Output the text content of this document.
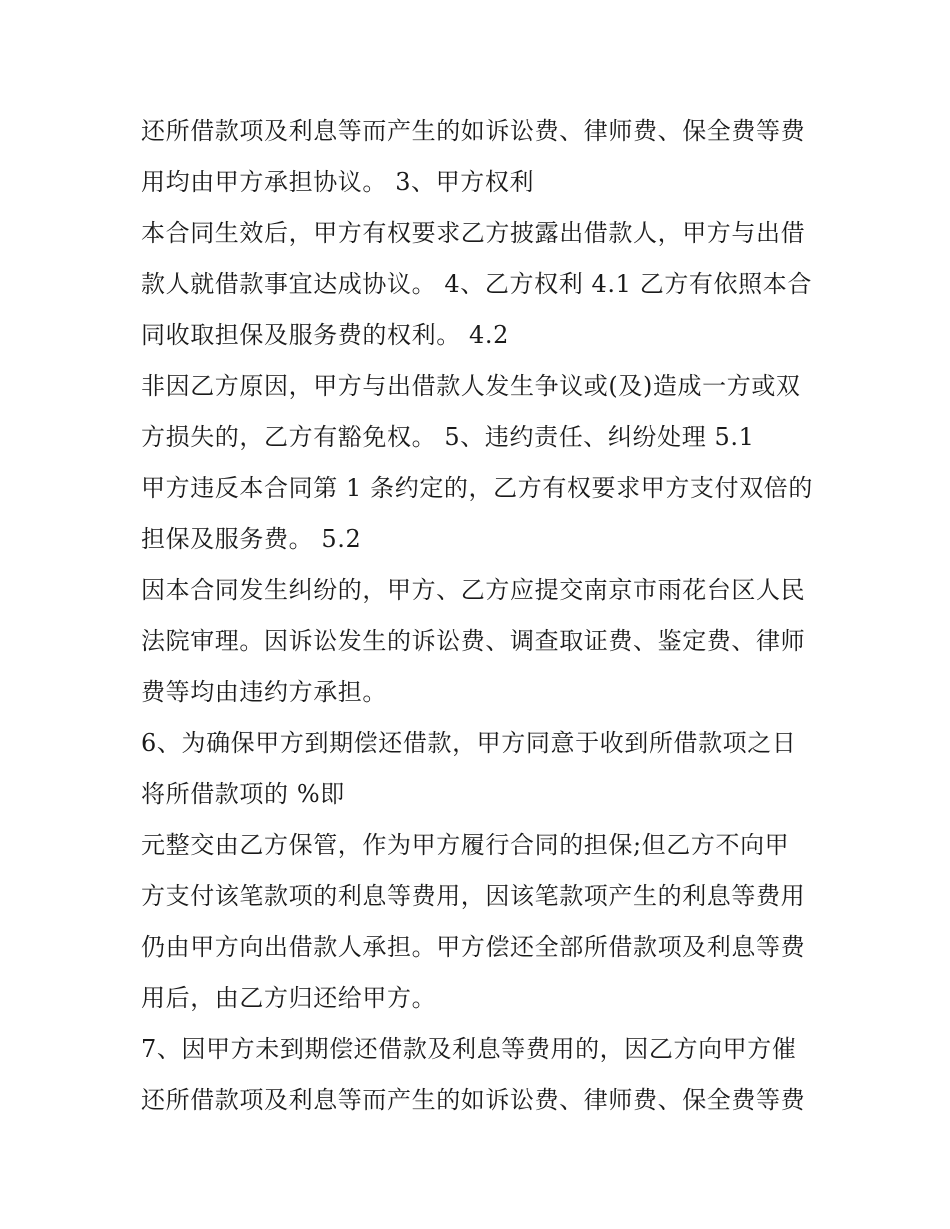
还所借款项及利息等而产生的如诉讼费、律师费、保全费等费
用均由甲方承担协议。 3、甲方权利
本合同生效后，甲方有权要求乙方披露出借款人，甲方与出借
款人就借款事宜达成协议。 4、乙方权利 4.1 乙方有依照本合
同收取担保及服务费的权利。 4.2
非因乙方原因，甲方与出借款人发生争议或(及)造成一方或双
方损失的，乙方有豁免权。 5、违约责任、纠纷处理 5.1
甲方违反本合同第 1 条约定的，乙方有权要求甲方支付双倍的
担保及服务费。 5.2
因本合同发生纠纷的，甲方、乙方应提交南京市雨花台区人民
法院审理。因诉讼发生的诉讼费、调查取证费、鉴定费、律师
费等均由违约方承担。
6、为确保甲方到期偿还借款，甲方同意于收到所借款项之日
将所借款项的 %即
元整交由乙方保管，作为甲方履行合同的担保;但乙方不向甲
方支付该笔款项的利息等费用，因该笔款项产生的利息等费用
仍由甲方向出借款人承担。甲方偿还全部所借款项及利息等费
用后，由乙方归还给甲方。
7、因甲方未到期偿还借款及利息等费用的，因乙方向甲方催
还所借款项及利息等而产生的如诉讼费、律师费、保全费等费
